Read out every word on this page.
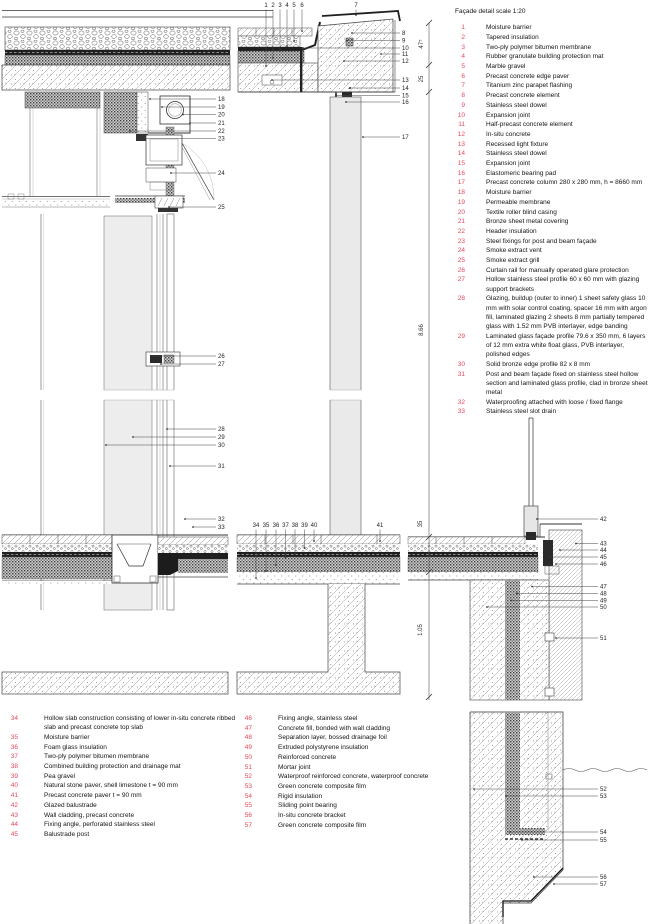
47⁵
25
8.66
35
1.05
1 2 3 4 5 6	7
8
9
10
11
12
13
14
15
16
17
18
19
20
21
22
23
24
25
26
27
28
29
30
31
32
33	34 35 36 37 38 39 40	41
42
43
44
45
46
47
48
49
50
51
52
53
54
55
56
57
Façade detail scale 1:20
1	Moisture barrier
2	Tapered insulation
3	Two-ply polymer bitumen membrane
4	Rubber granulate building protection mat
5	Marble gravel
6	Precast concrete edge paver
7	Titanium zinc parapet flashing
8	Precast concrete element
9	Stainless steel dowel
10	Expansion joint
11	Half-precast concrete element
12	In-situ concrete
13	Recessed light fixture
14	Stainless steel dowel
15	Expansion joint
16	Elastomeric bearing pad
17	Precast concrete column 280 x 280 mm, h = 8660 mm
18	Moisture barrier
19	Permeable membrane
20	Textile roller blind casing
21	Bronze sheet metal covering
22	Header insulation
23	Steel fixings for post and beam façade
24	Smoke extract vent
25	Smoke extract grill
26	Curtain rail for manually operated glare protection
27	Hollow stainless steel profile 60 x 60 mm with glazing support brackets
28	Glazing, buildup (outer to inner) 1 sheet safety glass 10 mm with solar control coating, spacer 16 mm with argon fill, laminated glazing 2 sheets 8 mm partially tempered glass with 1.52 mm PVB interlayer, edge banding
29	Laminated glass façade profile 79.6 x 350 mm, 6 layers of 12 mm extra white float glass, PVB interlayer, polished edges
30	Solid bronze edge profile 82 x 8 mm
31	Post and beam façade fixed on stainless steel hollow section and laminated glass profile, clad in bronze sheet metal
32	Waterproofing attached with loose / fixed flange
33	Stainless steel slot drain
34	Hollow slab construction consisting of lower in-situ concrete ribbed slab and precast concrete top slab
35	Moisture barrier
36	Foam glass insulation
37	Two-ply polymer bitumen membrane
38	Combined building protection and drainage mat
39	Pea gravel
40	Natural stone paver, shell limestone t = 90 mm
41	Precast concrete paver t = 90 mm
42	Glazed balustrade
43	Wall cladding, precast concrete
44	Fixing angle, perforated stainless steel
45	Balustrade post
46	Fixing angle, stainless steel
47	Concrete fill, bonded with wall cladding
48	Separation layer, bossed drainage foil
49	Extruded polystyrene insulation
50	Reinforced concrete
51	Mortar joint
52	Waterproof reinforced concrete, waterproof concrete
53	Green concrete composite film
54	Rigid insulation
55	Sliding point bearing
56	In-situ concrete bracket
57	Green concrete composite film
